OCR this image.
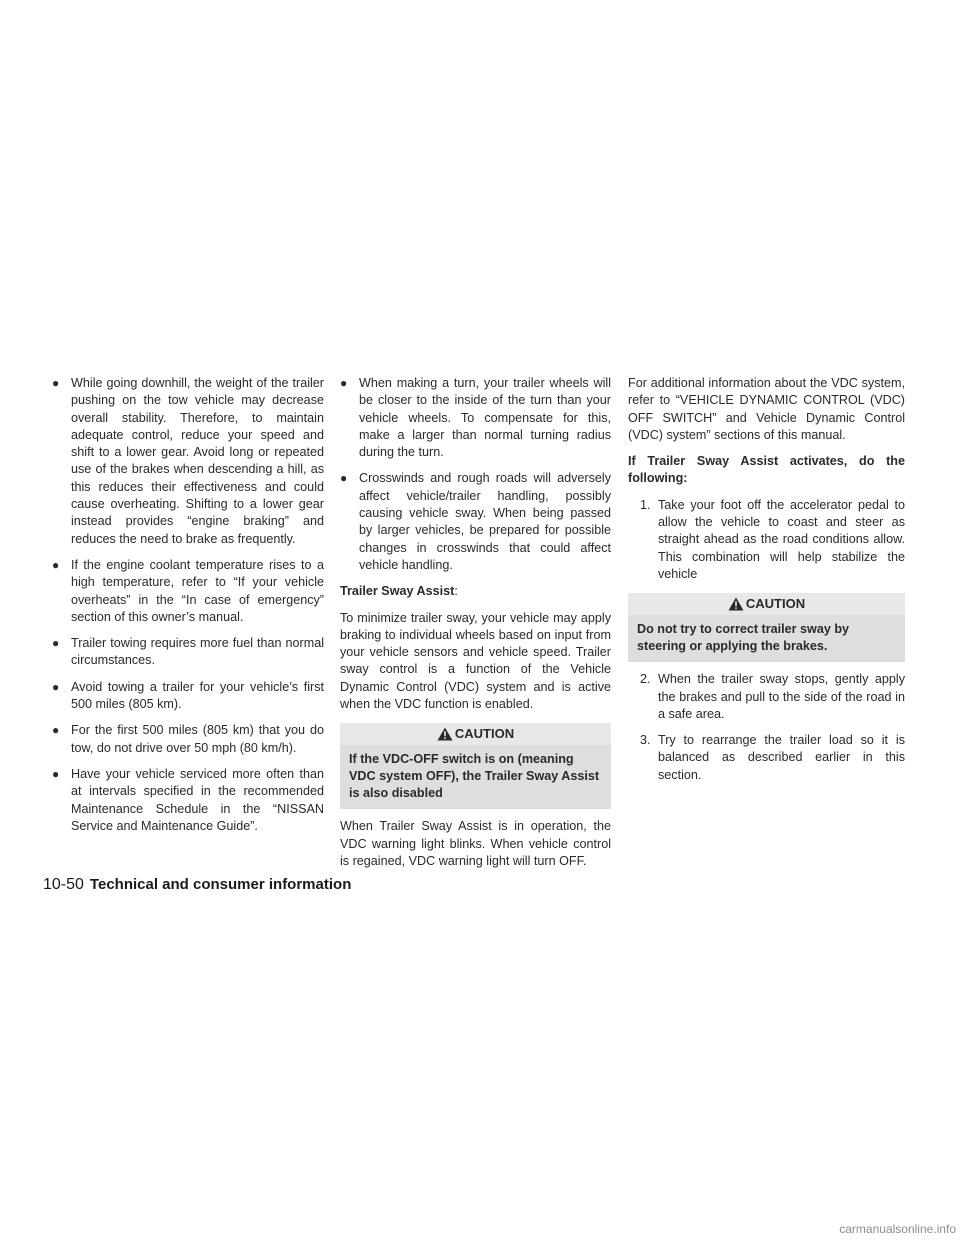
● While going downhill, the weight of the trailer pushing on the tow vehicle may decrease overall stability. Therefore, to maintain adequate control, reduce your speed and shift to a lower gear. Avoid long or repeated use of the brakes when descending a hill, as this reduces their effectiveness and could cause overheating. Shifting to a lower gear instead provides “engine braking” and reduces the need to brake as frequently.
● If the engine coolant temperature rises to a high temperature, refer to “If your vehicle overheats” in the “In case of emergency” section of this owner’s manual.
● Trailer towing requires more fuel than normal circumstances.
● Avoid towing a trailer for your vehicle’s first 500 miles (805 km).
● For the first 500 miles (805 km) that you do tow, do not drive over 50 mph (80 km/h).
● Have your vehicle serviced more often than at intervals specified in the recommended Maintenance Schedule in the “NISSAN Service and Maintenance Guide”.
● When making a turn, your trailer wheels will be closer to the inside of the turn than your vehicle wheels. To compensate for this, make a larger than normal turning radius during the turn.
● Crosswinds and rough roads will adversely affect vehicle/trailer handling, possibly causing vehicle sway. When being passed by larger vehicles, be prepared for possible changes in crosswinds that could affect vehicle handling.

Trailer Sway Assist:

To minimize trailer sway, your vehicle may apply braking to individual wheels based on input from your vehicle sensors and vehicle speed. Trailer sway control is a function of the Vehicle Dynamic Control (VDC) system and is active when the VDC function is enabled.

CAUTION
If the VDC-OFF switch is on (meaning VDC system OFF), the Trailer Sway Assist is also disabled

When Trailer Sway Assist is in operation, the VDC warning light blinks. When vehicle control is regained, VDC warning light will turn OFF.

For additional information about the VDC system, refer to “VEHICLE DYNAMIC CONTROL (VDC) OFF SWITCH” and Vehicle Dynamic Control (VDC) system” sections of this manual.

If Trailer Sway Assist activates, do the following:

1. Take your foot off the accelerator pedal to allow the vehicle to coast and steer as straight ahead as the road conditions allow. This combination will help stabilize the vehicle
CAUTION
Do not try to correct trailer sway by steering or applying the brakes.
2. When the trailer sway stops, gently apply the brakes and pull to the side of the road in a safe area.
3. Try to rearrange the trailer load so it is balanced as described earlier in this section.
10-50 Technical and consumer information
carmanualsonline.info
